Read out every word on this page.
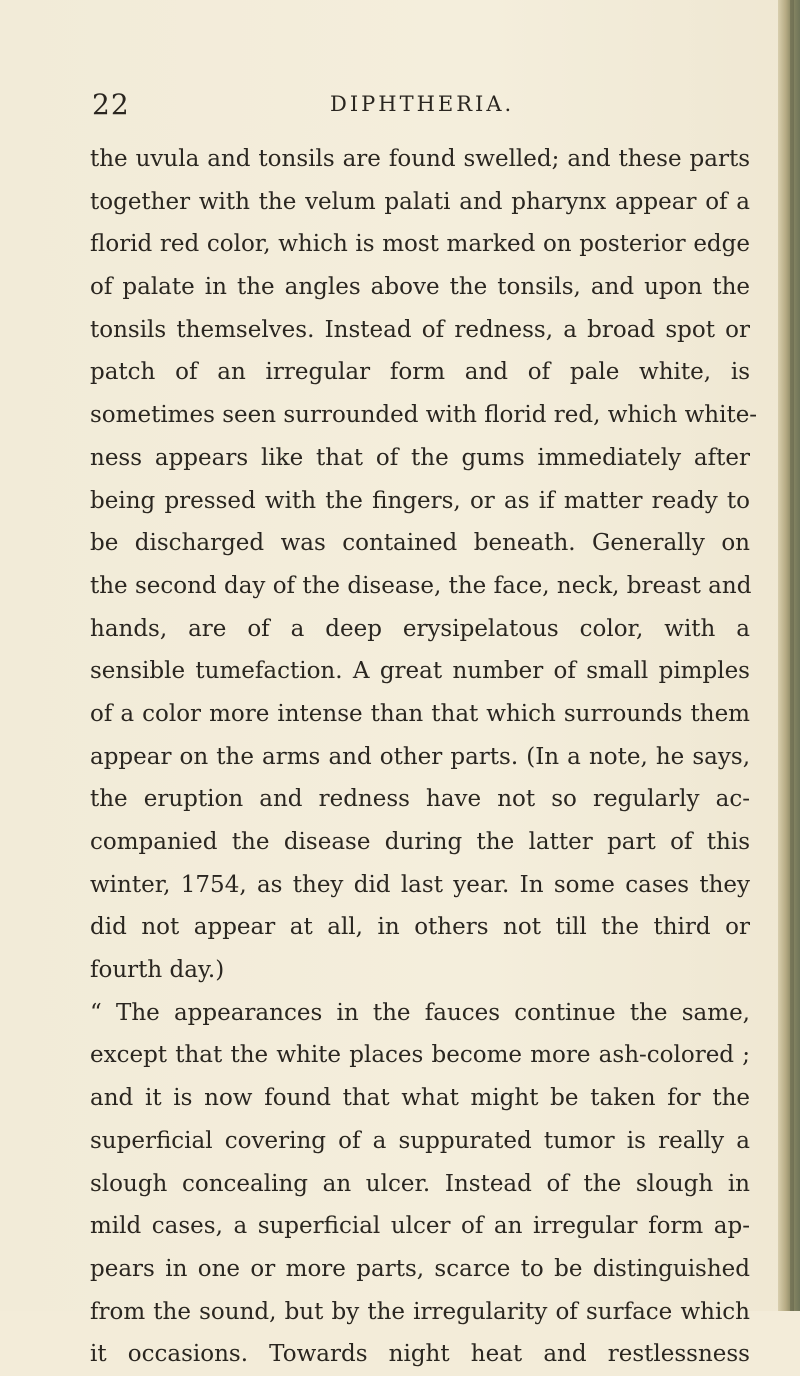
22	DIPHTHERIA.
the uvula and tonsils are found swelled; and these parts
together with the velum palati and pharynx appear of a
florid red color, which is most marked on posterior edge
of palate in the angles above the tonsils, and upon the
tonsils themselves. Instead of redness, a broad spot or
patch of an irregular form and of pale white, is
sometimes seen surrounded with florid red, which white-
ness appears like that of the gums immediately after
being pressed with the fingers, or as if matter ready to
be discharged was contained beneath. Generally on
the second day of the disease, the face, neck, breast and
hands, are of a deep erysipelatous color, with a
sensible tumefaction. A great number of small pimples
of a color more intense than that which surrounds them
appear on the arms and other parts. (In a note, he says,
the eruption and redness have not so regularly ac-
companied the disease during the latter part of this
winter, 1754, as they did last year. In some cases they
did not appear at all, in others not till the third or
fourth day.)
“ The appearances in the fauces continue the same,
except that the white places become more ash-colored ;
and it is now found that what might be taken for the
superficial covering of a suppurated tumor is really a
slough concealing an ulcer. Instead of the slough in
mild cases, a superficial ulcer of an irregular form ap-
pears in one or more parts, scarce to be distinguished
from the sound, but by the irregularity of surface which
it occasions. Towards night heat and restlessness
